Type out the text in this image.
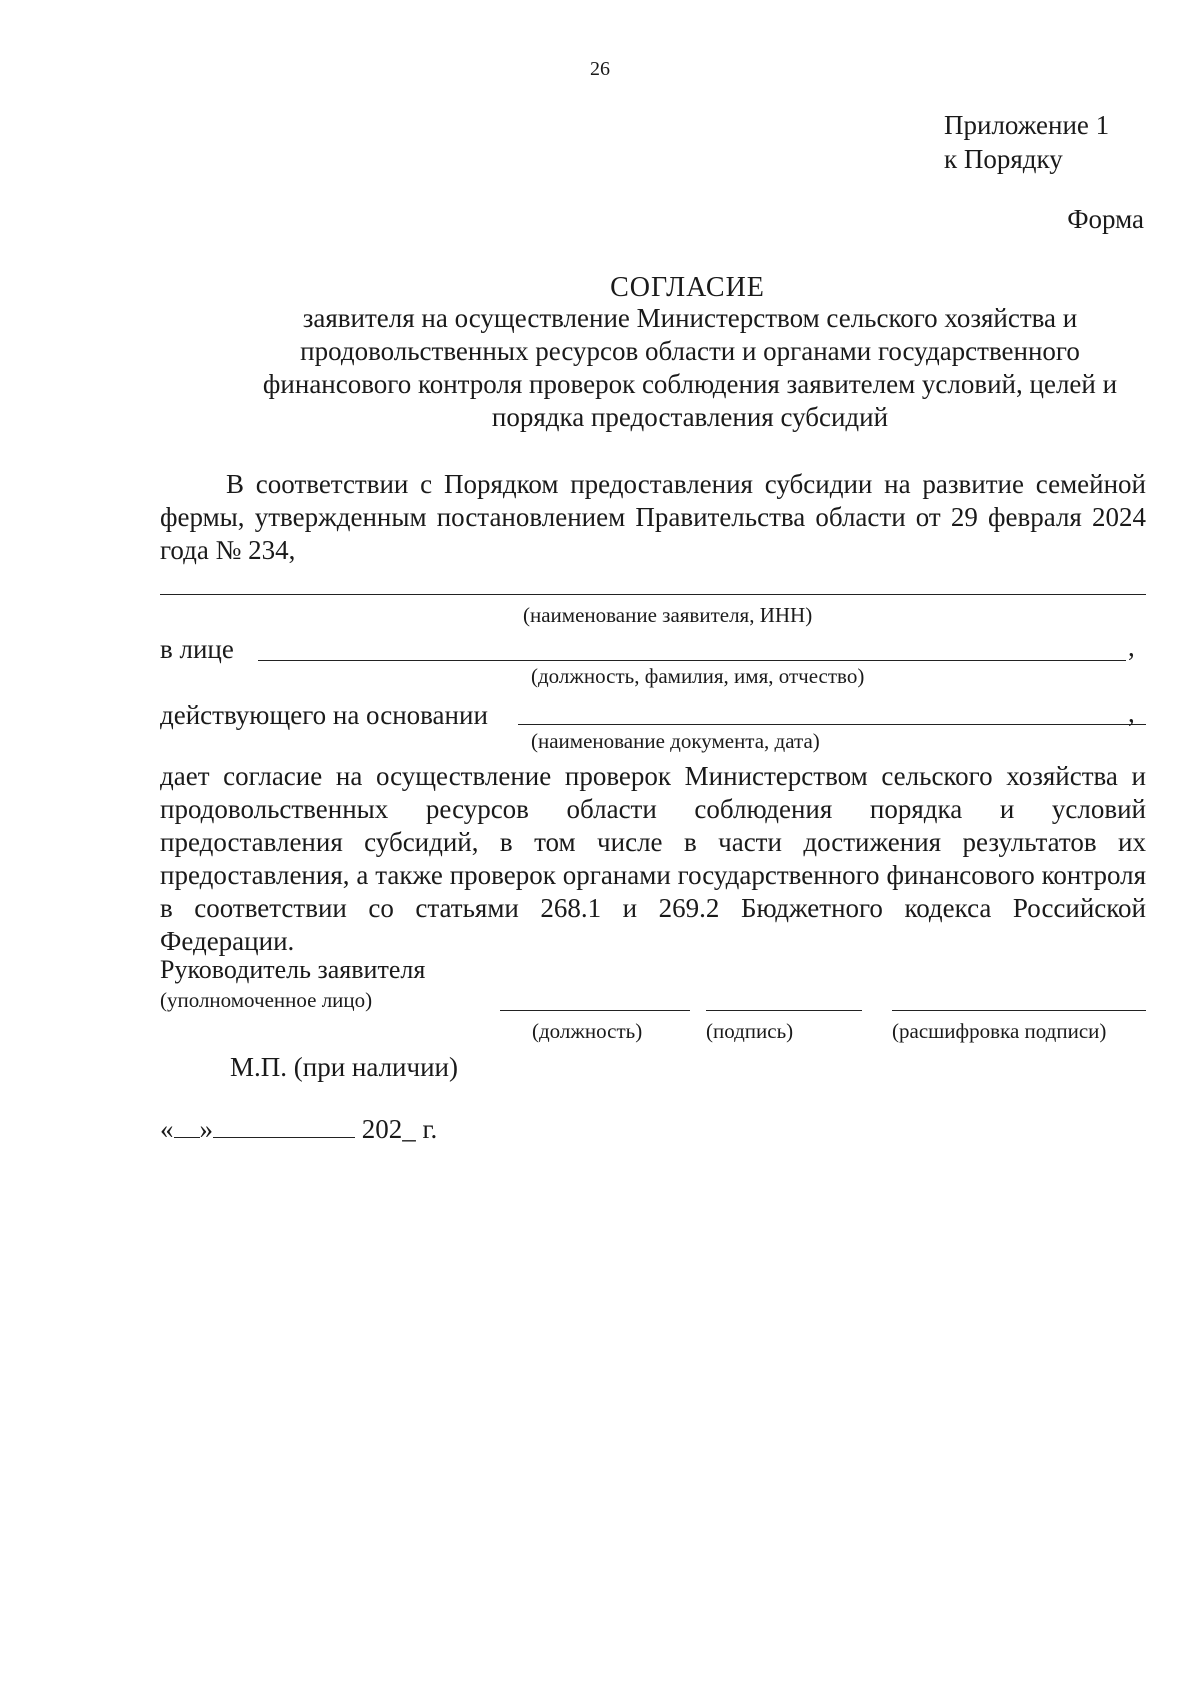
26
Приложение 1
к Порядку
Форма
СОГЛАСИЕ
заявителя на осуществление Министерством сельского хозяйства и продовольственных ресурсов области и органами государственного финансового контроля проверок соблюдения заявителем условий, целей и порядка предоставления субсидий
В соответствии с Порядком предоставления субсидии на развитие семейной фермы, утвержденным постановлением Правительства области от 29 февраля 2024 года № 234,
(наименование заявителя, ИНН)
в лице	,
(должность, фамилия, имя, отчество)
действующего на основании	,
(наименование документа, дата)
дает согласие на осуществление проверок Министерством сельского хозяйства и продовольственных ресурсов области соблюдения порядка и условий предоставления субсидий, в том числе в части достижения результатов их предоставления, а также проверок органами государственного финансового контроля в соответствии со статьями 268.1 и 269.2 Бюджетного кодекса Российской Федерации.
Руководитель заявителя
(уполномоченное лицо)
(должность)	(подпись)	(расшифровка подписи)
М.П. (при наличии)
« »	202_ г.
